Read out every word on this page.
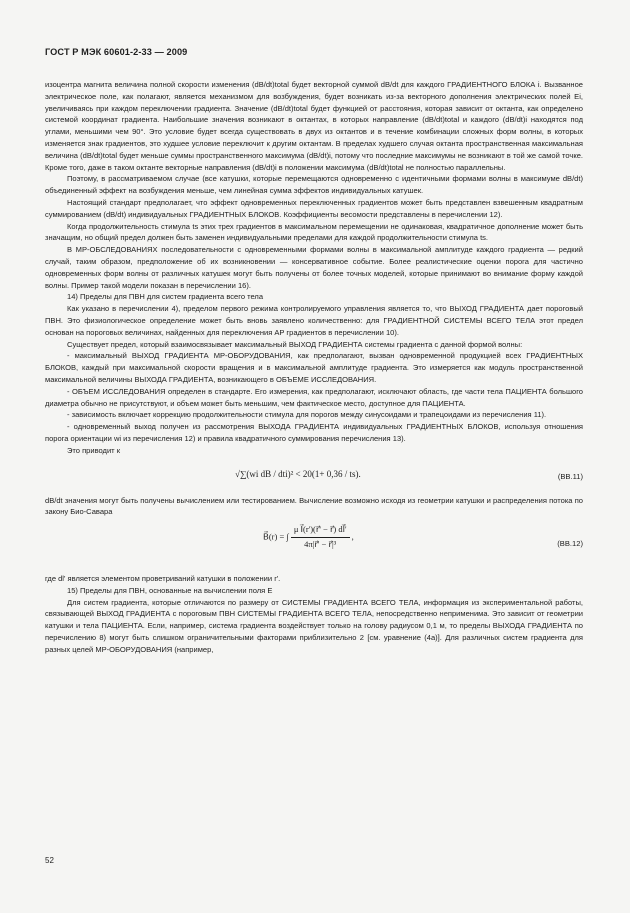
ГОСТ Р МЭК 60601-2-33 — 2009

изоцентра магнита величина полной скорости изменения (dB/dt)total будет векторной суммой dB/dt для каждого ГРАДИЕНТНОГО БЛОКА i. Вызванное электрическое поле, как полагают, является механизмом для возбуждения, будет возникать из-за векторного дополнения электрических полей Ei, увеличиваясь при каждом переключении градиента. Значение (dB/dt)total будет функцией от расстояния, которая зависит от октанта, как определено системой координат градиента. Наибольшие значения возникают в октантах, в которых направление (dB/dt)total и каждого (dB/dt)i находятся под углами, меньшими чем 90°. Это условие будет всегда существовать в двух из октантов и в течение комбинации сложных форм волны, в которых изменяется знак градиентов, это худшее условие переключит к другим октантам. В пределах худшего случая октанта пространственная максимальная величина (dB/dt)total будет меньше суммы пространственного максимума (dB/dt)i, потому что последние максимумы не возникают в той же самой точке. Кроме того, даже в таком октанте векторные направления (dB/dt)i в положении максимума (dB/dt)total не полностью параллельны.

Поэтому, в рассматриваемом случае (все катушки, которые перемещаются одновременно с идентичными формами волны в максимуме dB/dt) объединенный эффект на возбуждения меньше, чем линейная сумма эффектов индивидуальных катушек.

Настоящий стандарт предполагает, что эффект одновременных переключенных градиентов может быть представлен взвешенным квадратным суммированием (dB/dt) индивидуальных ГРАДИЕНТНЫХ БЛОКОВ. Коэффициенты весомости представлены в перечислении 12).

Когда продолжительность стимула ts этих трех градиентов в максимальном перемещении не одинаковая, квадратичное дополнение может быть значащим, но общий предел должен быть заменен индивидуальными пределами для каждой продолжительности стимула ts.

В МР-ОБСЛЕДОВАНИЯХ последовательности с одновременными формами волны в максимальной амплитуде каждого градиента — редкий случай, таким образом, предположение об их возникновении — консервативное событие. Более реалистические оценки порога для частично одновременных форм волны от различных катушек могут быть получены от более точных моделей, которые принимают во внимание форму каждой волны. Пример такой модели показан в перечислении 16).

14) Пределы для ПВН для систем градиента всего тела

Как указано в перечислении 4), пределом первого режима контролируемого управления является то, что ВЫХОД ГРАДИЕНТА дает пороговый ПВН. Это физиологическое определение может быть вновь заявлено количественно: для ГРАДИЕНТНОЙ СИСТЕМЫ ВСЕГО ТЕЛА этот предел основан на пороговых величинах, найденных для переключения AP градиентов в перечислении 10).

Существует предел, который взаимосвязывает максимальный ВЫХОД ГРАДИЕНТА системы градиента с данной формой волны:

- максимальный ВЫХОД ГРАДИЕНТА МР-ОБОРУДОВАНИЯ, как предполагают, вызван одновременной продукцией всех ГРАДИЕНТНЫХ БЛОКОВ, каждый при максимальной скорости вращения и в максимальной амплитуде градиента. Это измеряется как модуль пространственной максимальной величины ВЫХОДА ГРАДИЕНТА, возникающего в ОБЪЕМЕ ИССЛЕДОВАНИЯ.

- ОБЪЕМ ИССЛЕДОВАНИЯ определен в стандарте. Его измерения, как предполагают, исключают область, где части тела ПАЦИЕНТА большого диаметра обычно не присутствуют, и объем может быть меньшим, чем фактическое место, доступное для ПАЦИЕНТА.

- зависимость включает коррекцию продолжительности стимула для порогов между синусоидами и трапецоидами из перечисления 11).

- одновременный выход получен из рассмотрения ВЫХОДА ГРАДИЕНТА индивидуальных ГРАДИЕНТНЫХ БЛОКОВ, используя отношения порога ориентации wi из перечисления 12) и правила квадратичного суммирования перечисления 13).

Это приводит к

√∑(wi dB / dti)² < 20(1+ 0,36 / ts).	(BB.11)

dB/dt значения могут быть получены вычислением или тестированием. Вычисление возможно исходя из геометрии катушки и распределения потока по закону Био-Савара

B⃗(r) = ∫ $\frac{\text{μ I⃗(r')(r⃗' − r⃗) dl⃗'}}{\text{4π|r⃗' − r⃗|³}}$ ,
(BB.12)

где dl' является элементом проветриваний катушки в положении r'.

15) Пределы для ПВН, основанные на вычислении поля E

Для систем градиента, которые отличаются по размеру от СИСТЕМЫ ГРАДИЕНТА ВСЕГО ТЕЛА, информация из экспериментальной работы, связывающей ВЫХОД ГРАДИЕНТА с пороговым ПВН СИСТЕМЫ ГРАДИЕНТА ВСЕГО ТЕЛА, непосредственно неприменима. Это зависит от геометрии катушки и тела ПАЦИЕНТА. Если, например, система градиента воздействует только на голову радиусом 0,1 м, то пределы ВЫХОДА ГРАДИЕНТА по перечислению 8) могут быть слишком ограничительными факторами приблизительно 2 [см. уравнение (4a)]. Для различных систем градиента для разных целей МР-ОБОРУДОВАНИЯ (например,

52
